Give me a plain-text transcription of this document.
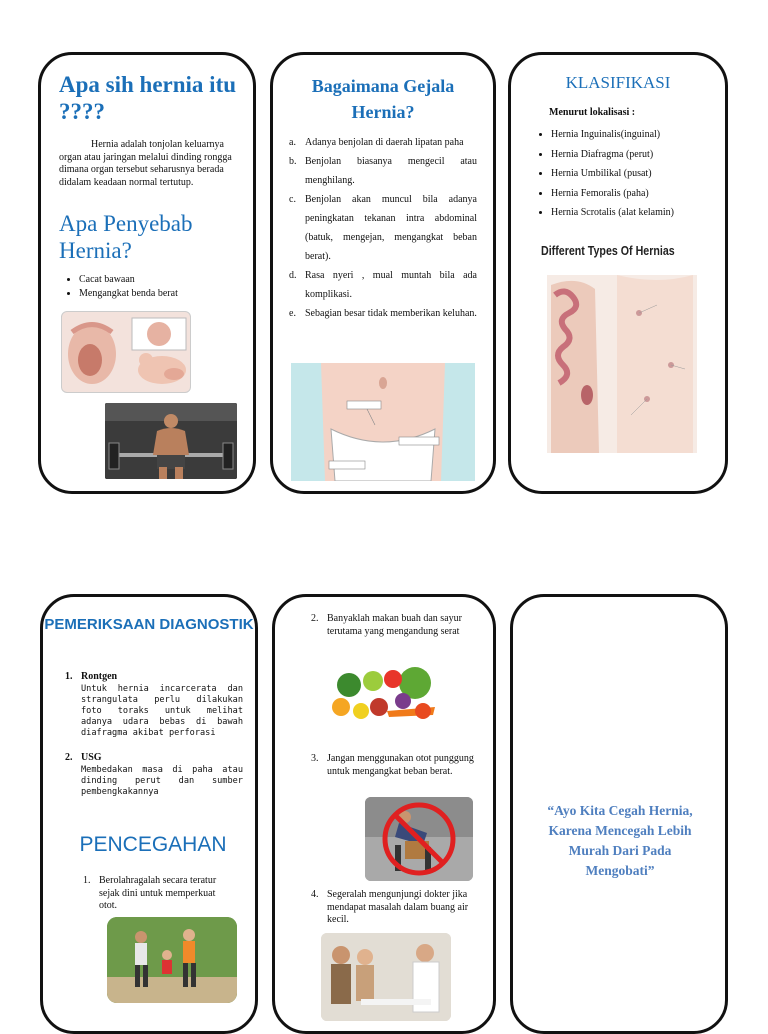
Apa sih hernia itu ????
Hernia adalah tonjolan keluarnya organ atau jaringan melalui dinding rongga dimana organ tersebut seharusnya berada didalam keadaan normal tertutup.
Apa Penyebab Hernia?
• Cacat bawaan
• Mengangkat benda berat
Bagaimana Gejala Hernia?
a. Adanya benjolan di daerah lipatan paha
b. Benjolan biasanya mengecil atau menghilang.
c. Benjolan akan muncul bila adanya peningkatan tekanan intra abdominal (batuk, mengejan, mengangkat beban berat).
d. Rasa nyeri , mual muntah bila ada komplikasi.
e. Sebagian besar tidak memberikan keluhan.
KLASIFIKASI
Menurut lokalisasi :
• Hernia Inguinalis(inguinal)
• Hernia Diafragma (perut)
• Hernia Umbilikal (pusat)
• Hernia Femoralis (paha)
• Hernia Scrotalis (alat kelamin)
Different Types Of Hernias
PEMERIKSAAN DIAGNOSTIK
1. Rontgen
Untuk hernia incarcerata dan strangulata perlu dilakukan foto toraks untuk melihat adanya udara bebas di bawah diafragma akibat perforasi
2. USG
Membedakan masa di paha atau dinding perut dan sumber pembengkakannya
PENCEGAHAN
1. Berolahragalah secara teratur sejak dini untuk memperkuat otot.
2. Banyaklah makan buah dan sayur terutama yang mengandung serat
3. Jangan menggunakan otot punggung untuk mengangkat beban berat.
4. Segeralah mengunjungi dokter jika mendapat masalah dalam buang air kecil.
“Ayo Kita Cegah Hernia, Karena Mencegah Lebih Murah Dari Pada Mengobati”
